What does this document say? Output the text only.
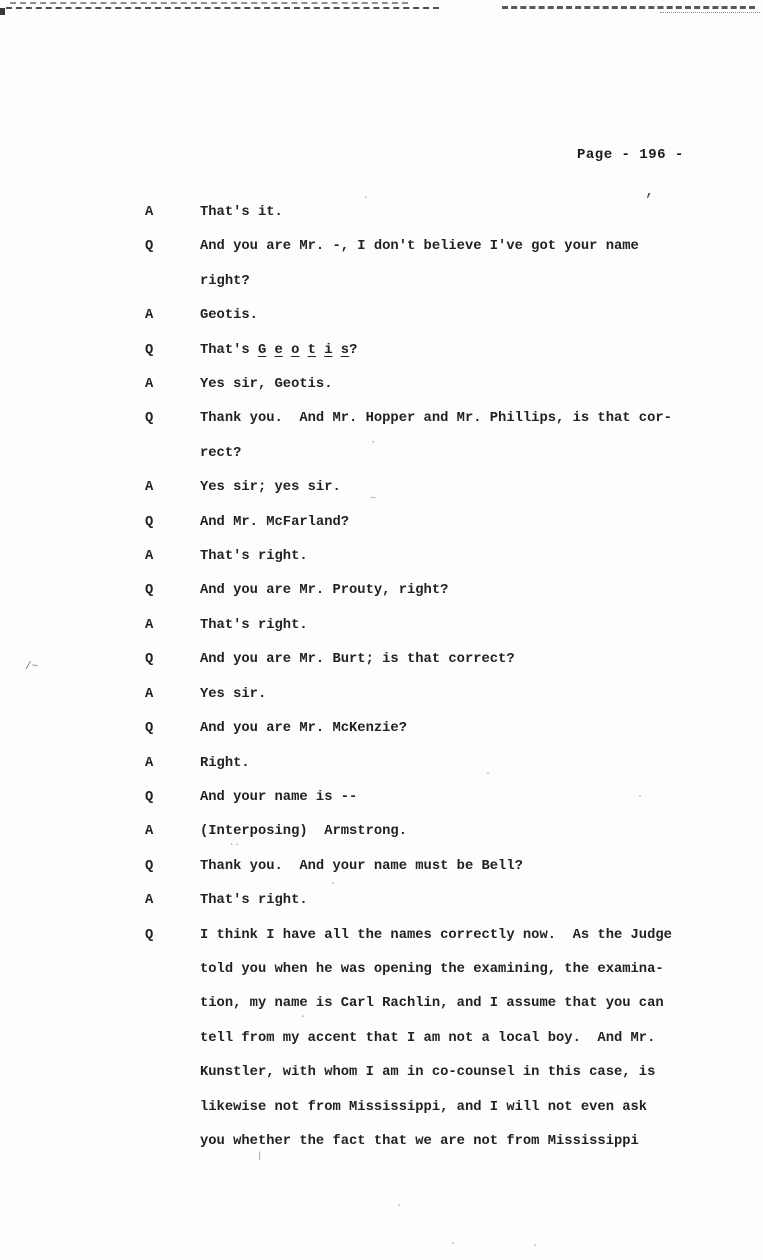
Page - 196 -
A	That's it.
Q	And you are Mr. -, I don't believe I've got your name
right?
A	Geotis.
Q	That's G e o t i s?
A	Yes sir, Geotis.
Q	Thank you.  And Mr. Hopper and Mr. Phillips, is that cor-
rect?
A	Yes sir; yes sir.
Q	And Mr. McFarland?
A	That's right.
Q	And you are Mr. Prouty, right?
A	That's right.
Q	And you are Mr. Burt; is that correct?
A	Yes sir.
Q	And you are Mr. McKenzie?
A	Right.
Q	And your name is --
A	(Interposing)  Armstrong.
Q	Thank you.  And your name must be Bell?
A	That's right.
Q	I think I have all the names correctly now.  As the Judge
told you when he was opening the examining, the examina-
tion, my name is Carl Rachlin, and I assume that you can
tell from my accent that I am not a local boy.  And Mr.
Kunstler, with whom I am in co-counsel in this case, is
likewise not from Mississippi, and I will not even ask
you whether the fact that we are not from Mississippi
,
·
/~
·
~
··
·
·
·
·
|
·
·	·
